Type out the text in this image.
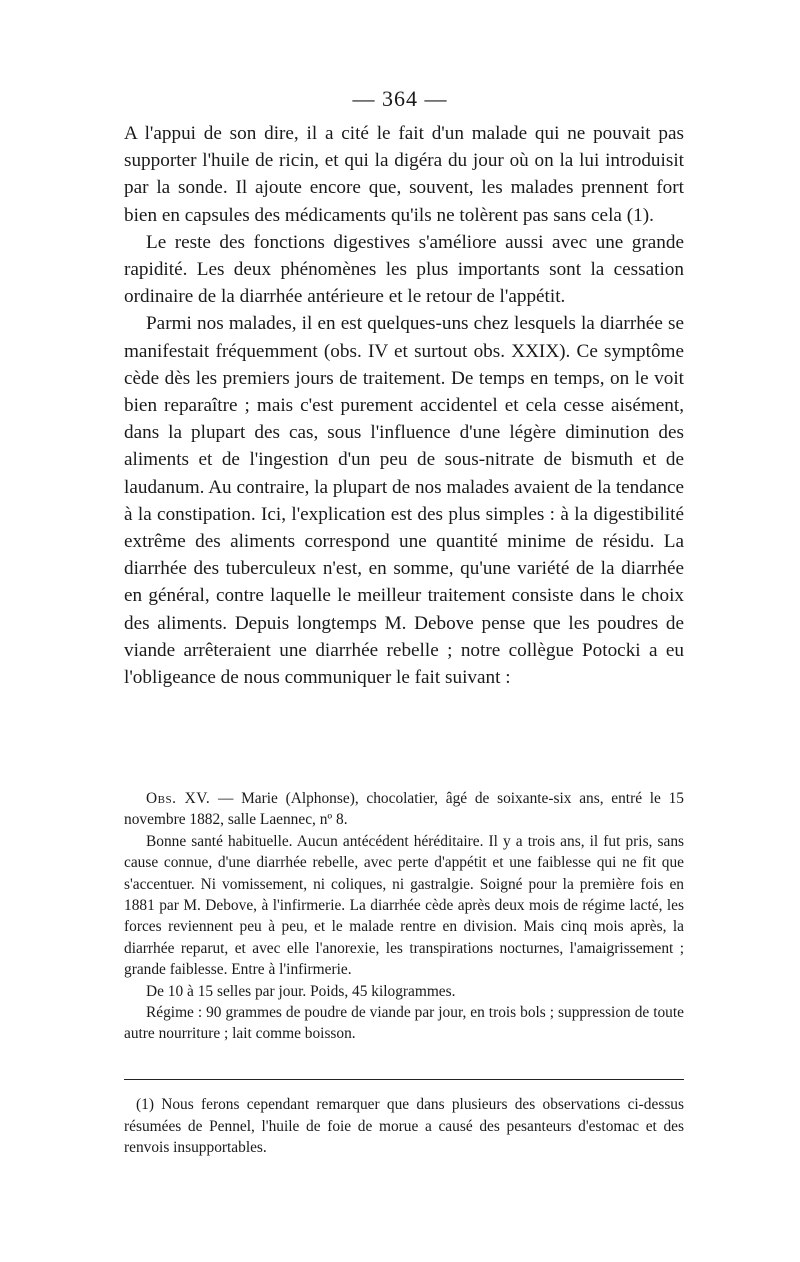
— 364 —

A l'appui de son dire, il a cité le fait d'un malade qui ne pouvait pas supporter l'huile de ricin, et qui la digéra du jour où on la lui introduisit par la sonde. Il ajoute encore que, souvent, les malades prennent fort bien en capsules des médicaments qu'ils ne tolèrent pas sans cela (1).

Le reste des fonctions digestives s'améliore aussi avec une grande rapidité. Les deux phénomènes les plus importants sont la cessation ordinaire de la diarrhée antérieure et le retour de l'appétit.

Parmi nos malades, il en est quelques-uns chez lesquels la diarrhée se manifestait fréquemment (obs. IV et surtout obs. XXIX). Ce symptôme cède dès les premiers jours de traitement. De temps en temps, on le voit bien reparaître ; mais c'est purement accidentel et cela cesse aisément, dans la plupart des cas, sous l'influence d'une légère diminution des aliments et de l'ingestion d'un peu de sous-nitrate de bismuth et de laudanum. Au contraire, la plupart de nos malades avaient de la tendance à la constipation. Ici, l'explication est des plus simples : à la digestibilité extrême des aliments correspond une quantité minime de résidu. La diarrhée des tuberculeux n'est, en somme, qu'une variété de la diarrhée en général, contre laquelle le meilleur traitement consiste dans le choix des aliments. Depuis longtemps M. Debove pense que les poudres de viande arrêteraient une diarrhée rebelle ; notre collègue Potocki a eu l'obligeance de nous communiquer le fait suivant :

Obs. XV. — Marie (Alphonse), chocolatier, âgé de soixante-six ans, entré le 15 novembre 1882, salle Laennec, nº 8.

Bonne santé habituelle. Aucun antécédent héréditaire. Il y a trois ans, il fut pris, sans cause connue, d'une diarrhée rebelle, avec perte d'appétit et une faiblesse qui ne fit que s'accentuer. Ni vomissement, ni coliques, ni gastralgie. Soigné pour la première fois en 1881 par M. Debove, à l'infirmerie. La diarrhée cède après deux mois de régime lacté, les forces reviennent peu à peu, et le malade rentre en division. Mais cinq mois après, la diarrhée reparut, et avec elle l'anorexie, les transpirations nocturnes, l'amaigrissement ; grande faiblesse. Entre à l'infirmerie.

De 10 à 15 selles par jour. Poids, 45 kilogrammes.

Régime : 90 grammes de poudre de viande par jour, en trois bols ; suppression de toute autre nourriture ; lait comme boisson.

(1) Nous ferons cependant remarquer que dans plusieurs des observations ci-dessus résumées de Pennel, l'huile de foie de morue a causé des pesanteurs d'estomac et des renvois insupportables.
